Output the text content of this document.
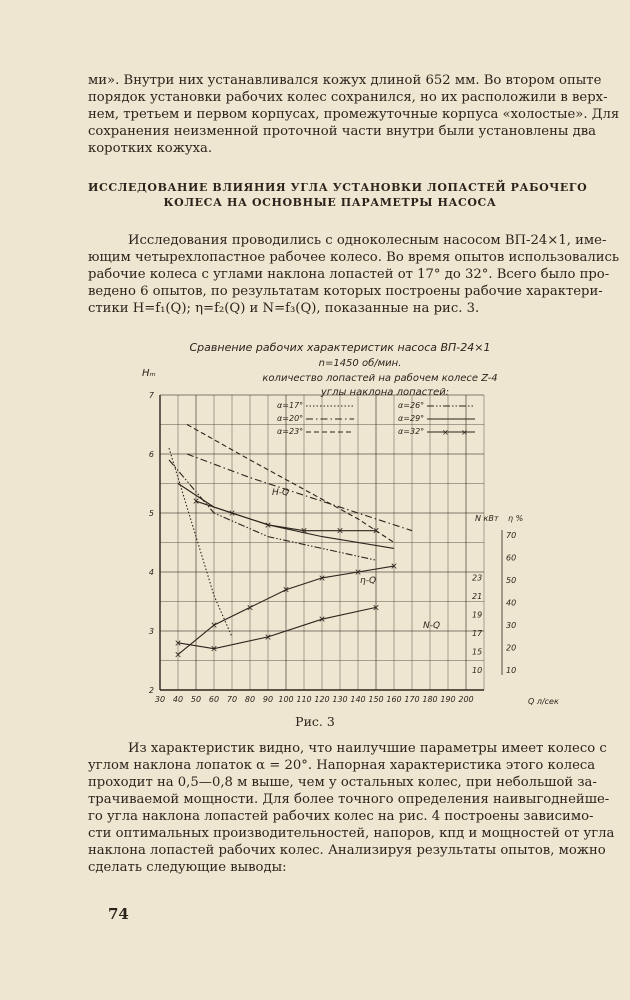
ми». Внутри них устанавливался кожух длиной 652 мм. Во втором опыте
порядок установки рабочих колес сохранился, но их расположили в верх-
нем, третьем и первом корпусах, промежуточные корпуса «холостые». Для
сохранения неизменной проточной части внутри были установлены два
коротких кожуха.
ИССЛЕДОВАНИЕ ВЛИЯНИЯ УГЛА УСТАНОВКИ ЛОПАСТЕЙ РАБОЧЕГО
КОЛЕСА НА ОСНОВНЫЕ ПАРАМЕТРЫ НАСОСА
Исследования проводились с одноколесным насосом ВП-24×1, име-
ющим четырехлопастное рабочее колесо. Во время опытов использовались
рабочие колеса с углами наклона лопастей от 17° до 32°. Всего было про-
ведено 6 опытов, по результатам которых построены рабочие характери-
стики H=f₁(Q); η=f₂(Q) и N=f₃(Q), показанные на рис. 3.
×
×
×
×	×	×
×
×
×
×
×
×
×
×
×
×
×
×
30 40 50 60 70 80 90 100 110 120 130 140 150 160 170 180 190 200
2
3
4
5
6
7
10
15
17
19
21
23
10
20
30
40
50
60
70
Сравнение рабочих характеристик насоса ВП-24×1
n=1450 об/мин.
количество лопастей на рабочем колесе Z-4
углы наклона лопастей:
Hₘ
N кВт η %
Q л/сек
H-Q
η-Q
N-Q
α=17°
α=20°
α=23°
α=26°
α=29°
α=32° × ×
Рис. 3
Из характеристик видно, что наилучшие параметры имеет колесо с
углом наклона лопаток α = 20°. Напорная характеристика этого колеса
проходит на 0,5—0,8 м выше, чем у остальных колес, при небольшой за-
трачиваемой мощности. Для более точного определения наивыгоднейше-
го угла наклона лопастей рабочих колес на рис. 4 построены зависимо-
сти оптимальных производительностей, напоров, кпд и мощностей от угла
наклона лопастей рабочих колес. Анализируя результаты опытов, можно
сделать следующие выводы:
74
